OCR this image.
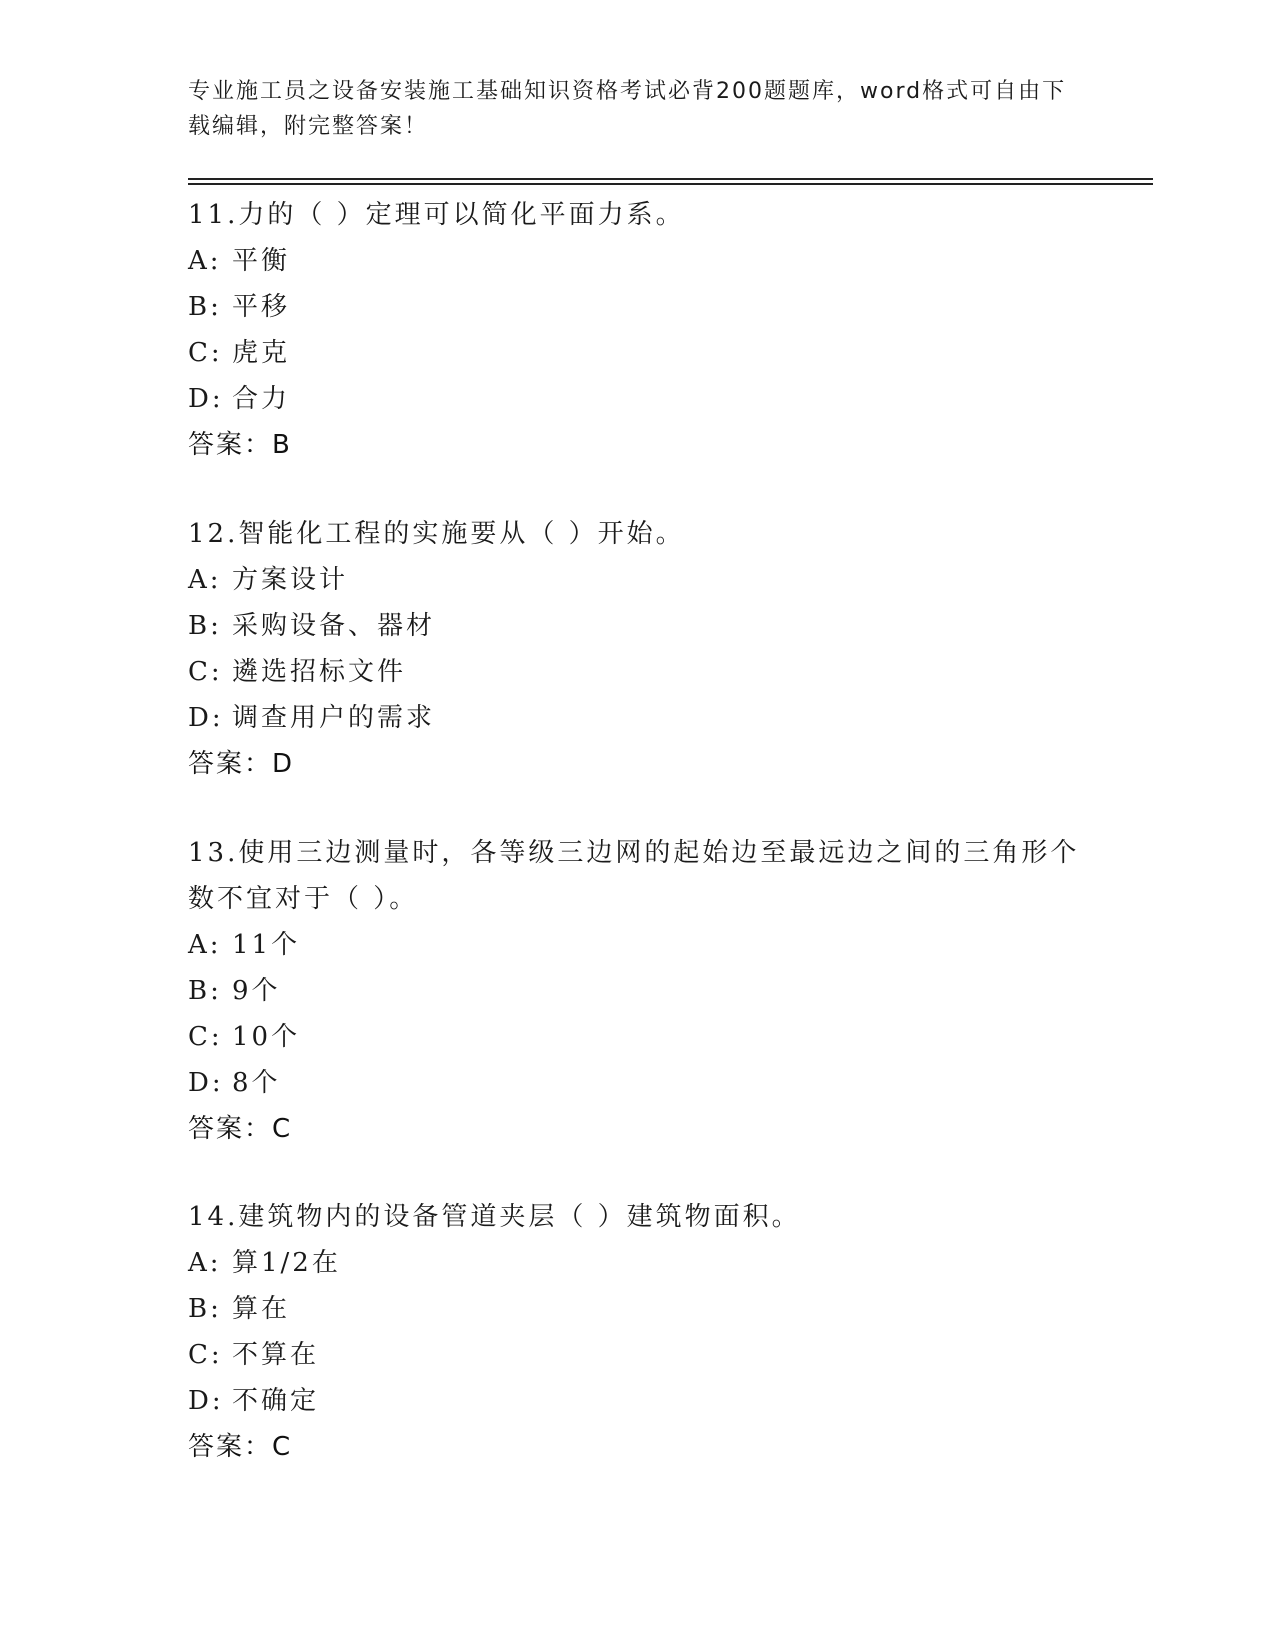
专业施工员之设备安装施工基础知识资格考试必背200题题库，word格式可自由下载编辑，附完整答案！
11.力的（ ）定理可以简化平面力系。
A: 平衡
B: 平移
C: 虎克
D: 合力
答案：B
12.智能化工程的实施要从（ ）开始。
A: 方案设计
B: 采购设备、器材
C: 遴选招标文件
D: 调查用户的需求
答案：D
13.使用三边测量时，各等级三边网的起始边至最远边之间的三角形个数不宜对于（ ）。
A: 11个
B: 9个
C: 10个
D: 8个
答案：C
14.建筑物内的设备管道夹层（ ）建筑物面积。
A: 算1/2在
B: 算在
C: 不算在
D: 不确定
答案：C
